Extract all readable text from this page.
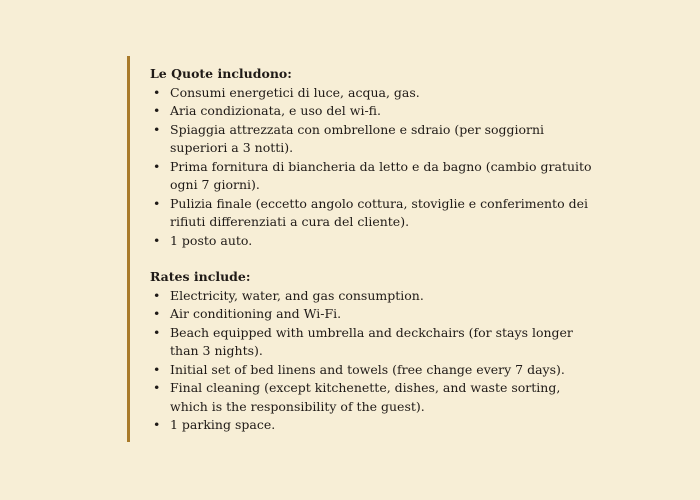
Le Quote includono:

• Consumi energetici di luce, acqua, gas.
• Aria condizionata, e uso del wi-fi.
• Spiaggia attrezzata con ombrellone e sdraio (per soggiorni superiori a 3 notti).
• Prima fornitura di biancheria da letto e da bagno (cambio gratuito ogni 7 giorni).
• Pulizia finale (eccetto angolo cottura, stoviglie e conferimento dei rifiuti differenziati a cura del cliente).
• 1 posto auto.

Rates include:

• Electricity, water, and gas consumption.
• Air conditioning and Wi-Fi.
• Beach equipped with umbrella and deckchairs (for stays longer than 3 nights).
• Initial set of bed linens and towels (free change every 7 days).
• Final cleaning (except kitchenette, dishes, and waste sorting, which is the responsibility of the guest).
• 1 parking space.
